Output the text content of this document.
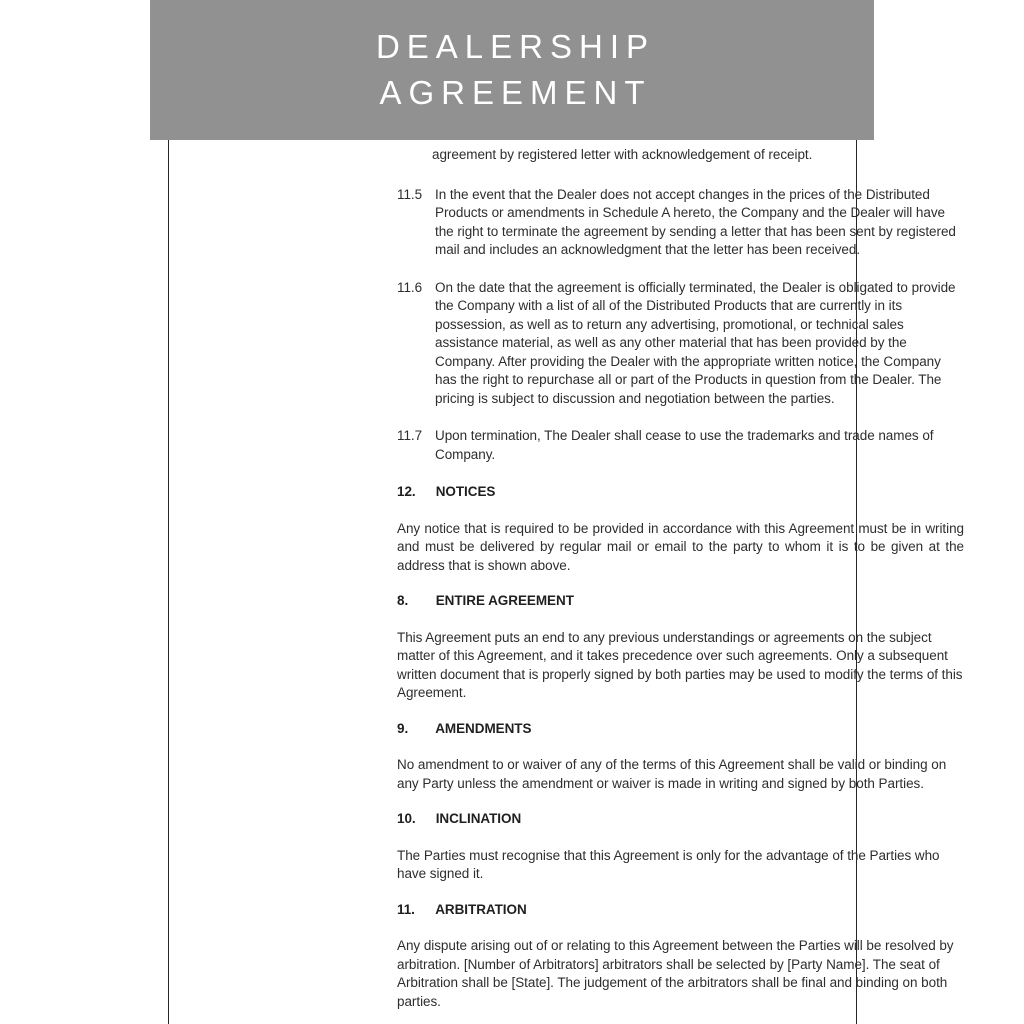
agreement by registered letter with acknowledgement of receipt.

11.5 In the event that the Dealer does not accept changes in the prices of the Distributed Products or amendments in Schedule A hereto, the Company and the Dealer will have the right to terminate the agreement by sending a letter that has been sent by registered mail and includes an acknowledgment that the letter has been received.
11.6 On the date that the agreement is officially terminated, the Dealer is obligated to provide the Company with a list of all of the Distributed Products that are currently in its possession, as well as to return any advertising, promotional, or technical sales assistance material, as well as any other material that has been provided by the Company. After providing the Dealer with the appropriate written notice, the Company has the right to repurchase all or part of the Products in question from the Dealer. The pricing is subject to discussion and negotiation between the parties.
11.7 Upon termination, The Dealer shall cease to use the trademarks and trade names of Company.
12. NOTICES

Any notice that is required to be provided in accordance with this Agreement must be in writing and must be delivered by regular mail or email to the party to whom it is to be given at the address that is shown above.

8. ENTIRE AGREEMENT

This Agreement puts an end to any previous understandings or agreements on the subject matter of this Agreement, and it takes precedence over such agreements. Only a subsequent written document that is properly signed by both parties may be used to modify the terms of this Agreement.

9. AMENDMENTS

No amendment to or waiver of any of the terms of this Agreement shall be valid or binding on any Party unless the amendment or waiver is made in writing and signed by both Parties.

10. INCLINATION

The Parties must recognise that this Agreement is only for the advantage of the Parties who have signed it.

11. ARBITRATION

Any dispute arising out of or relating to this Agreement between the Parties will be resolved by arbitration. [Number of Arbitrators] arbitrators shall be selected by [Party Name]. The seat of Arbitration shall be [State]. The judgement of the arbitrators shall be final and binding on both parties.

DEALERSHIP
AGREEMENT
